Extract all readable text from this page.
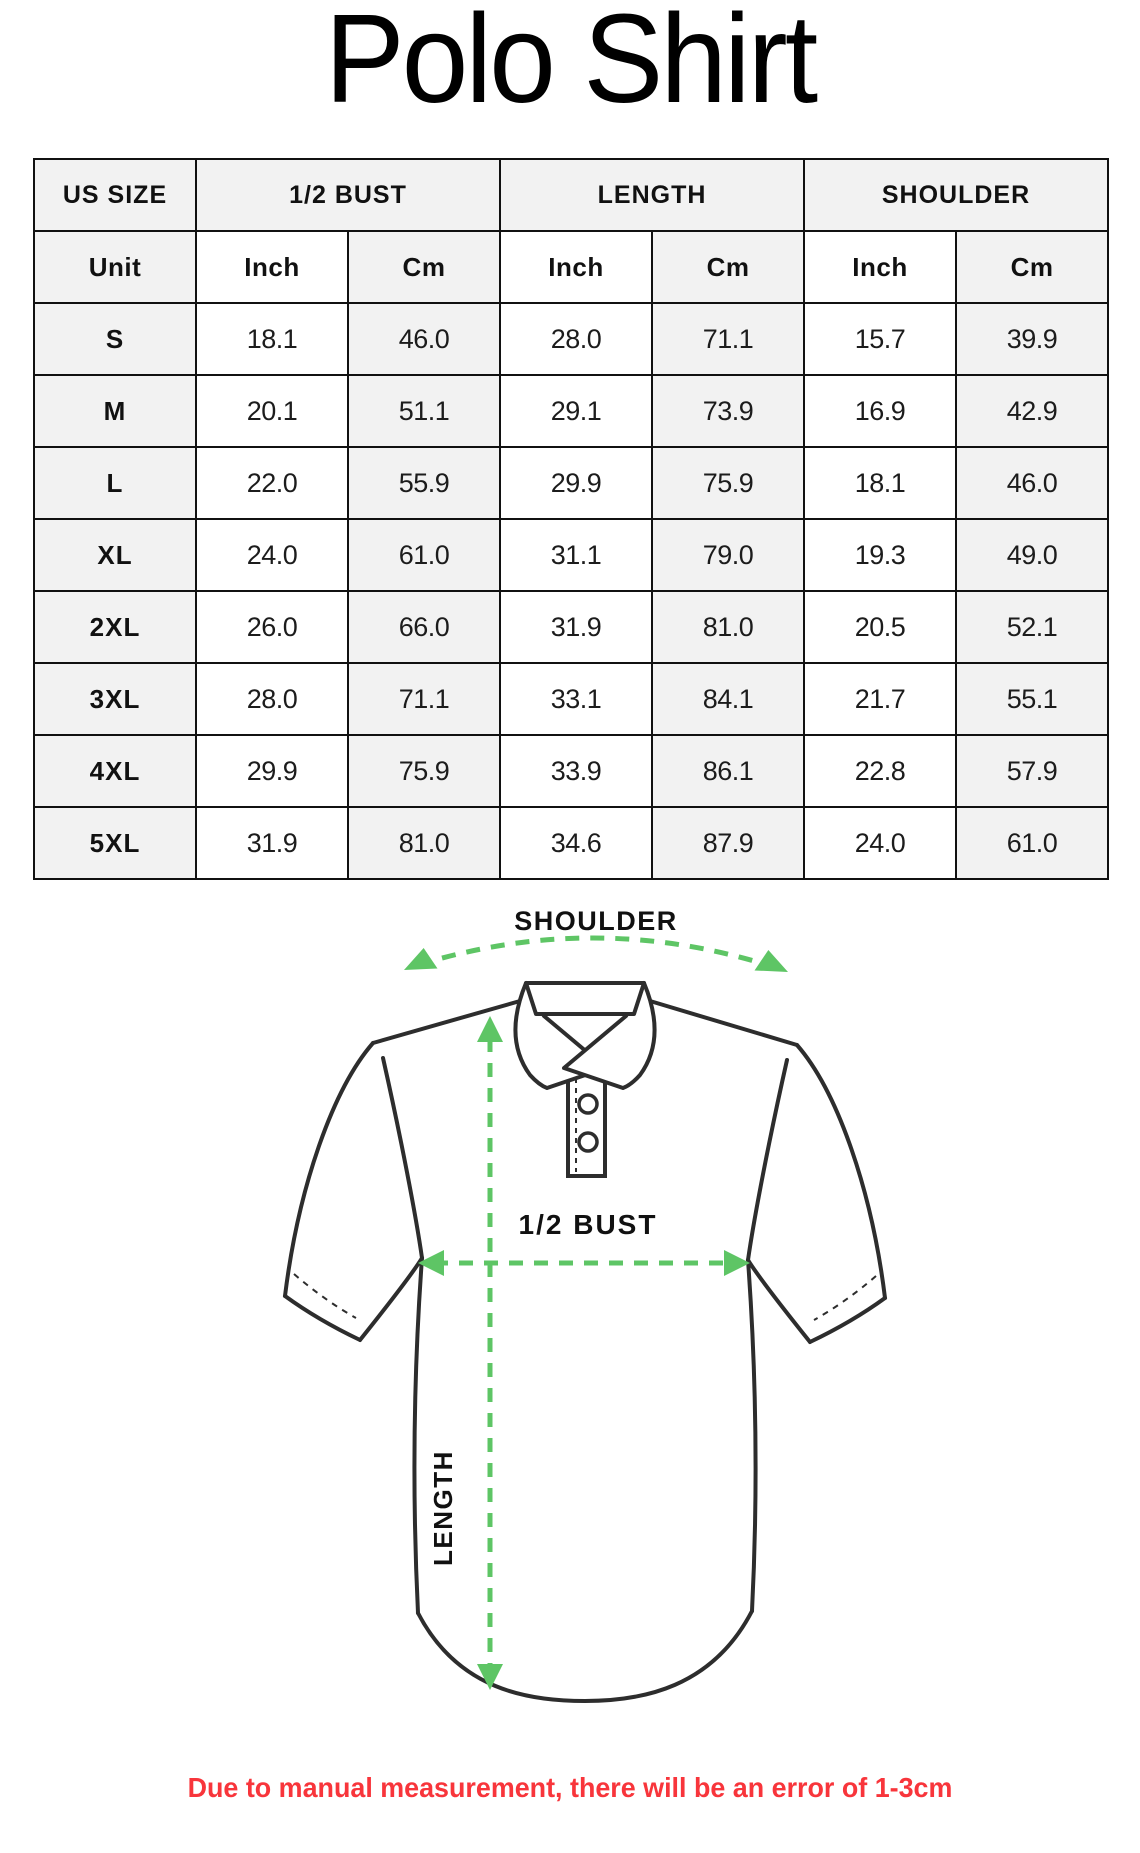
Polo Shirt
US SIZE	1/2 BUST		LENGTH		SHOULDER	
Unit	Inch	Cm	Inch	Cm	Inch	Cm
S	18.1	46.0	28.0	71.1	15.7	39.9
M	20.1	51.1	29.1	73.9	16.9	42.9
L	22.0	55.9	29.9	75.9	18.1	46.0
XL	24.0	61.0	31.1	79.0	19.3	49.0
2XL	26.0	66.0	31.9	81.0	20.5	52.1
3XL	28.0	71.1	33.1	84.1	21.7	55.1
4XL	29.9	75.9	33.9	86.1	22.8	57.9
5XL	31.9	81.0	34.6	87.9	24.0	61.0
SHOULDER
1/2 BUST
LENGTH
Due to manual measurement, there will be an error of 1-3cm
